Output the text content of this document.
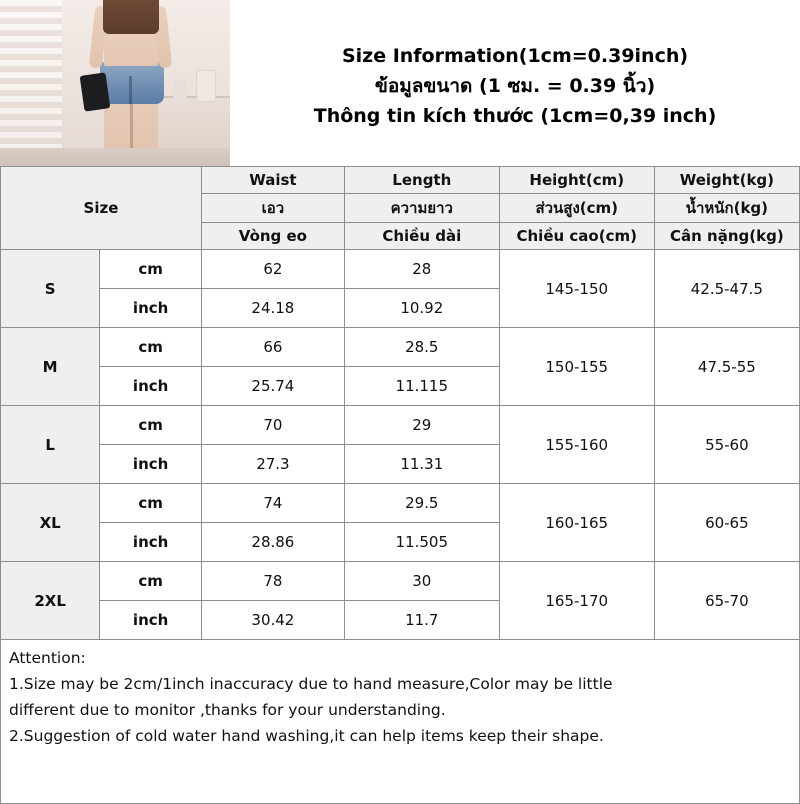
Size Information(1cm=0.39inch)
ข้อมูลขนาด (1 ซม. = 0.39 นิ้ว)
Thông tin kích thước (1cm=0,39 inch)
Size		Waist	Length	Height(cm)	Weight(kg)
		เอว	ความยาว	ส่วนสูง(cm)	น้ำหนัก(kg)
		Vòng eo	Chiều dài	Chiều cao(cm)	Cân nặng(kg)
S	cm	62	28	145-150	42.5-47.5
	inch	24.18	10.92		
M	cm	66	28.5	150-155	47.5-55
	inch	25.74	11.115		
L	cm	70	29	155-160	55-60
	inch	27.3	11.31		
XL	cm	74	29.5	160-165	60-65
	inch	28.86	11.505		
2XL	cm	78	30	165-170	65-70
	inch	30.42	11.7		

Attention:

1.Size may be 2cm/1inch inaccuracy due to hand measure,Color may be little

different due to monitor ,thanks for your understanding.

2.Suggestion of cold water hand washing,it can help items keep their shape.
